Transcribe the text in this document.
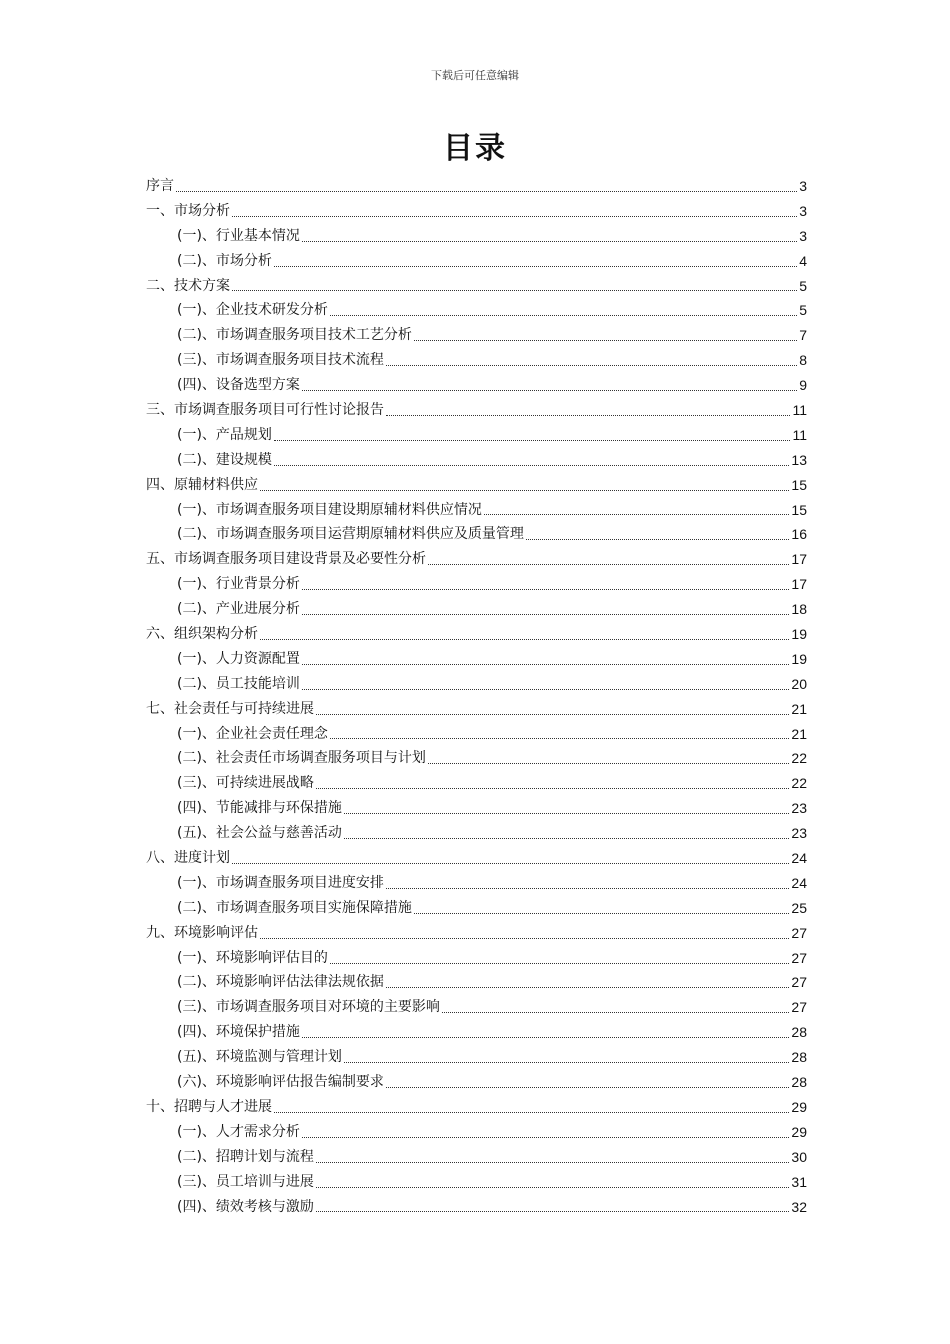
下载后可任意编辑
目录
序言	3
一、市场分析	3
(一)、行业基本情况	3
(二)、市场分析	4
二、技术方案	5
(一)、企业技术研发分析	5
(二)、市场调查服务项目技术工艺分析	7
(三)、市场调查服务项目技术流程	8
(四)、设备选型方案	9
三、市场调查服务项目可行性讨论报告	11
(一)、产品规划	11
(二)、建设规模	13
四、原辅材料供应	15
(一)、市场调查服务项目建设期原辅材料供应情况	15
(二)、市场调查服务项目运营期原辅材料供应及质量管理	16
五、市场调查服务项目建设背景及必要性分析	17
(一)、行业背景分析	17
(二)、产业进展分析	18
六、组织架构分析	19
(一)、人力资源配置	19
(二)、员工技能培训	20
七、社会责任与可持续进展	21
(一)、企业社会责任理念	21
(二)、社会责任市场调查服务项目与计划	22
(三)、可持续进展战略	22
(四)、节能减排与环保措施	23
(五)、社会公益与慈善活动	23
八、进度计划	24
(一)、市场调查服务项目进度安排	24
(二)、市场调查服务项目实施保障措施	25
九、环境影响评估	27
(一)、环境影响评估目的	27
(二)、环境影响评估法律法规依据	27
(三)、市场调查服务项目对环境的主要影响	27
(四)、环境保护措施	28
(五)、环境监测与管理计划	28
(六)、环境影响评估报告编制要求	28
十、招聘与人才进展	29
(一)、人才需求分析	29
(二)、招聘计划与流程	30
(三)、员工培训与进展	31
(四)、绩效考核与激励	32
